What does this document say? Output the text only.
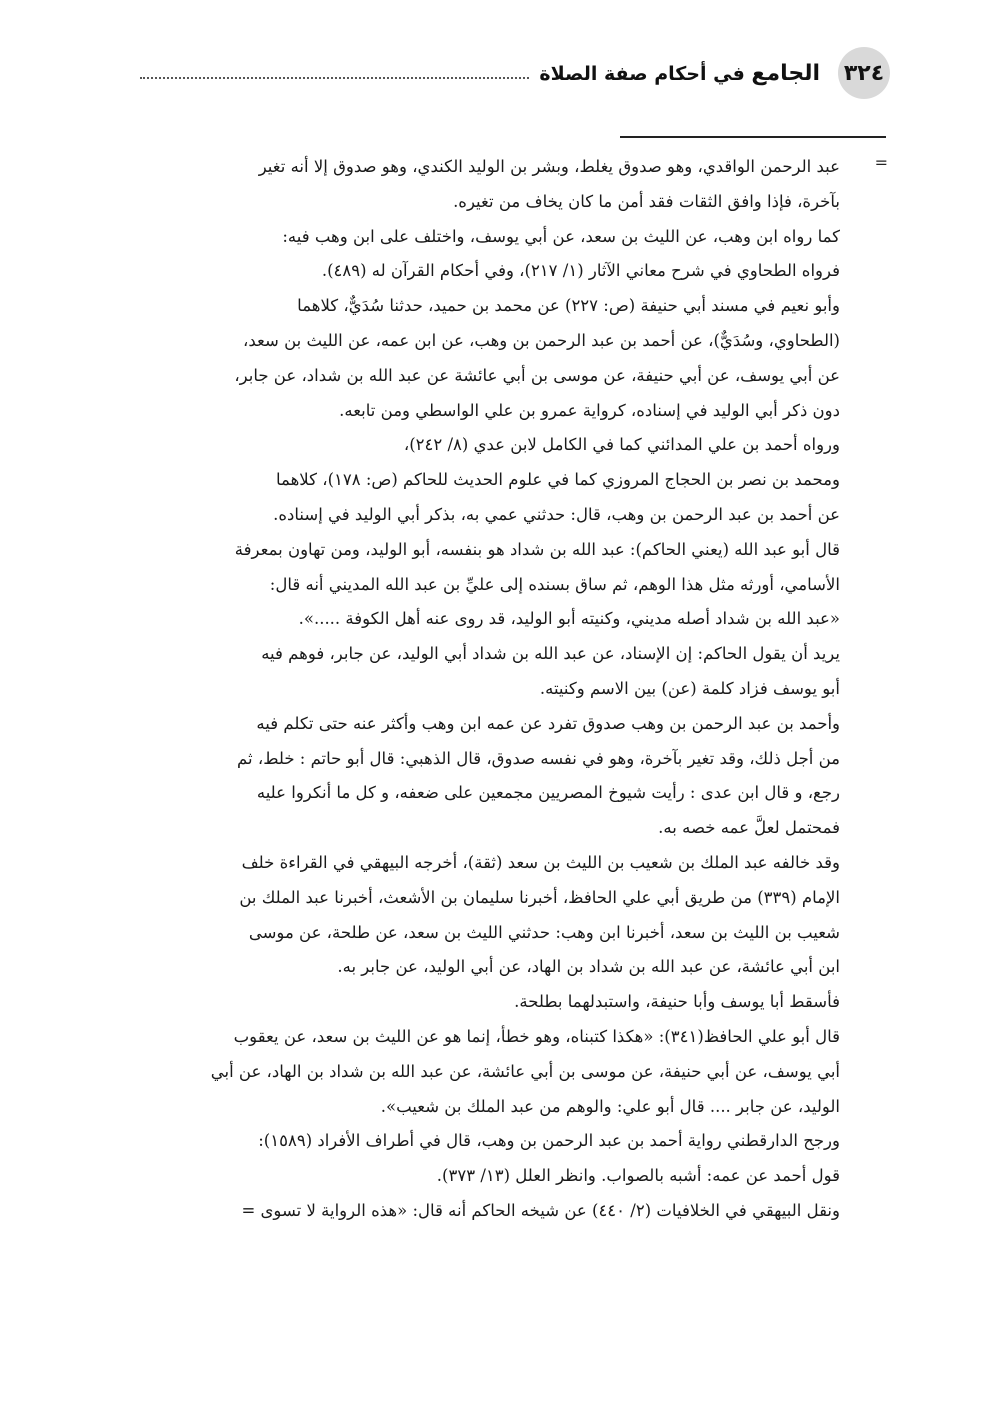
٣٢٤
الجامع في أحكام صفة الصلاة
=

عبد الرحمن الواقدي، وهو صدوق يغلط، وبشر بن الوليد الكندي، وهو صدوق إلا أنه تغير

بآخرة، فإذا وافق الثقات فقد أمن ما كان يخاف من تغيره.

كما رواه ابن وهب، عن الليث بن سعد، عن أبي يوسف، واختلف على ابن وهب فيه:

فرواه الطحاوي في شرح معاني الآثار (١/ ٢١٧)، وفي أحكام القرآن له (٤٨٩).

وأبو نعيم في مسند أبي حنيفة (ص: ٢٢٧) عن محمد بن حميد، حدثنا سُدَيٌّ، كلاهما

(الطحاوي، وسُدَيٌّ)، عن أحمد بن عبد الرحمن بن وهب، عن ابن عمه، عن الليث بن سعد،

عن أبي يوسف، عن أبي حنيفة، عن موسى بن أبي عائشة عن عبد الله بن شداد، عن جابر،

دون ذكر أبي الوليد في إسناده، كرواية عمرو بن علي الواسطي ومن تابعه.

ورواه أحمد بن علي المدائني كما في الكامل لابن عدي (٨/ ٢٤٢)،

ومحمد بن نصر بن الحجاج المروزي كما في علوم الحديث للحاكم (ص: ١٧٨)، كلاهما

عن أحمد بن عبد الرحمن بن وهب، قال: حدثني عمي به، بذكر أبي الوليد في إسناده.

قال أبو عبد الله (يعني الحاكم): عبد الله بن شداد هو بنفسه، أبو الوليد، ومن تهاون بمعرفة

الأسامي، أورثه مثل هذا الوهم، ثم ساق بسنده إلى عليِّ بن عبد الله المديني أنه قال:

«عبد الله بن شداد أصله مديني، وكنيته أبو الوليد، قد روى عنه أهل الكوفة .....».

يريد أن يقول الحاكم: إن الإسناد، عن عبد الله بن شداد أبي الوليد، عن جابر، فوهم فيه

أبو يوسف فزاد كلمة (عن) بين الاسم وكنيته.

وأحمد بن عبد الرحمن بن وهب صدوق تفرد عن عمه ابن وهب وأكثر عنه حتى تكلم فيه

من أجل ذلك، وقد تغير بآخرة، وهو في نفسه صدوق، قال الذهبي: قال أبو حاتم : خلط، ثم

رجع، و قال ابن عدى : رأيت شيوخ المصريين مجمعين على ضعفه، و كل ما أنكروا عليه

فمحتمل لعلَّ عمه خصه به.

وقد خالفه عبد الملك بن شعيب بن الليث بن سعد (ثقة)، أخرجه البيهقي في القراءة خلف

الإمام (٣٣٩) من طريق أبي علي الحافظ، أخبرنا سليمان بن الأشعث، أخبرنا عبد الملك بن

شعيب بن الليث بن سعد، أخبرنا ابن وهب: حدثني الليث بن سعد، عن طلحة، عن موسى

ابن أبي عائشة، عن عبد الله بن شداد بن الهاد، عن أبي الوليد، عن جابر به.

فأسقط أبا يوسف وأبا حنيفة، واستبدلهما بطلحة.

قال أبو علي الحافظ(٣٤١): «هكذا كتبناه، وهو خطأ، إنما هو عن الليث بن سعد، عن يعقوب

أبي يوسف، عن أبي حنيفة، عن موسى بن أبي عائشة، عن عبد الله بن شداد بن الهاد، عن أبي

الوليد، عن جابر .... قال أبو علي: والوهم من عبد الملك بن شعيب».

ورجح الدارقطني رواية أحمد بن عبد الرحمن بن وهب، قال في أطراف الأفراد (١٥٨٩):

قول أحمد عن عمه: أشبه بالصواب. وانظر العلل (١٣/ ٣٧٣).

ونقل البيهقي في الخلافيات (٢/ ٤٤٠) عن شيخه الحاكم أنه قال: «هذه الرواية لا تسوى =
